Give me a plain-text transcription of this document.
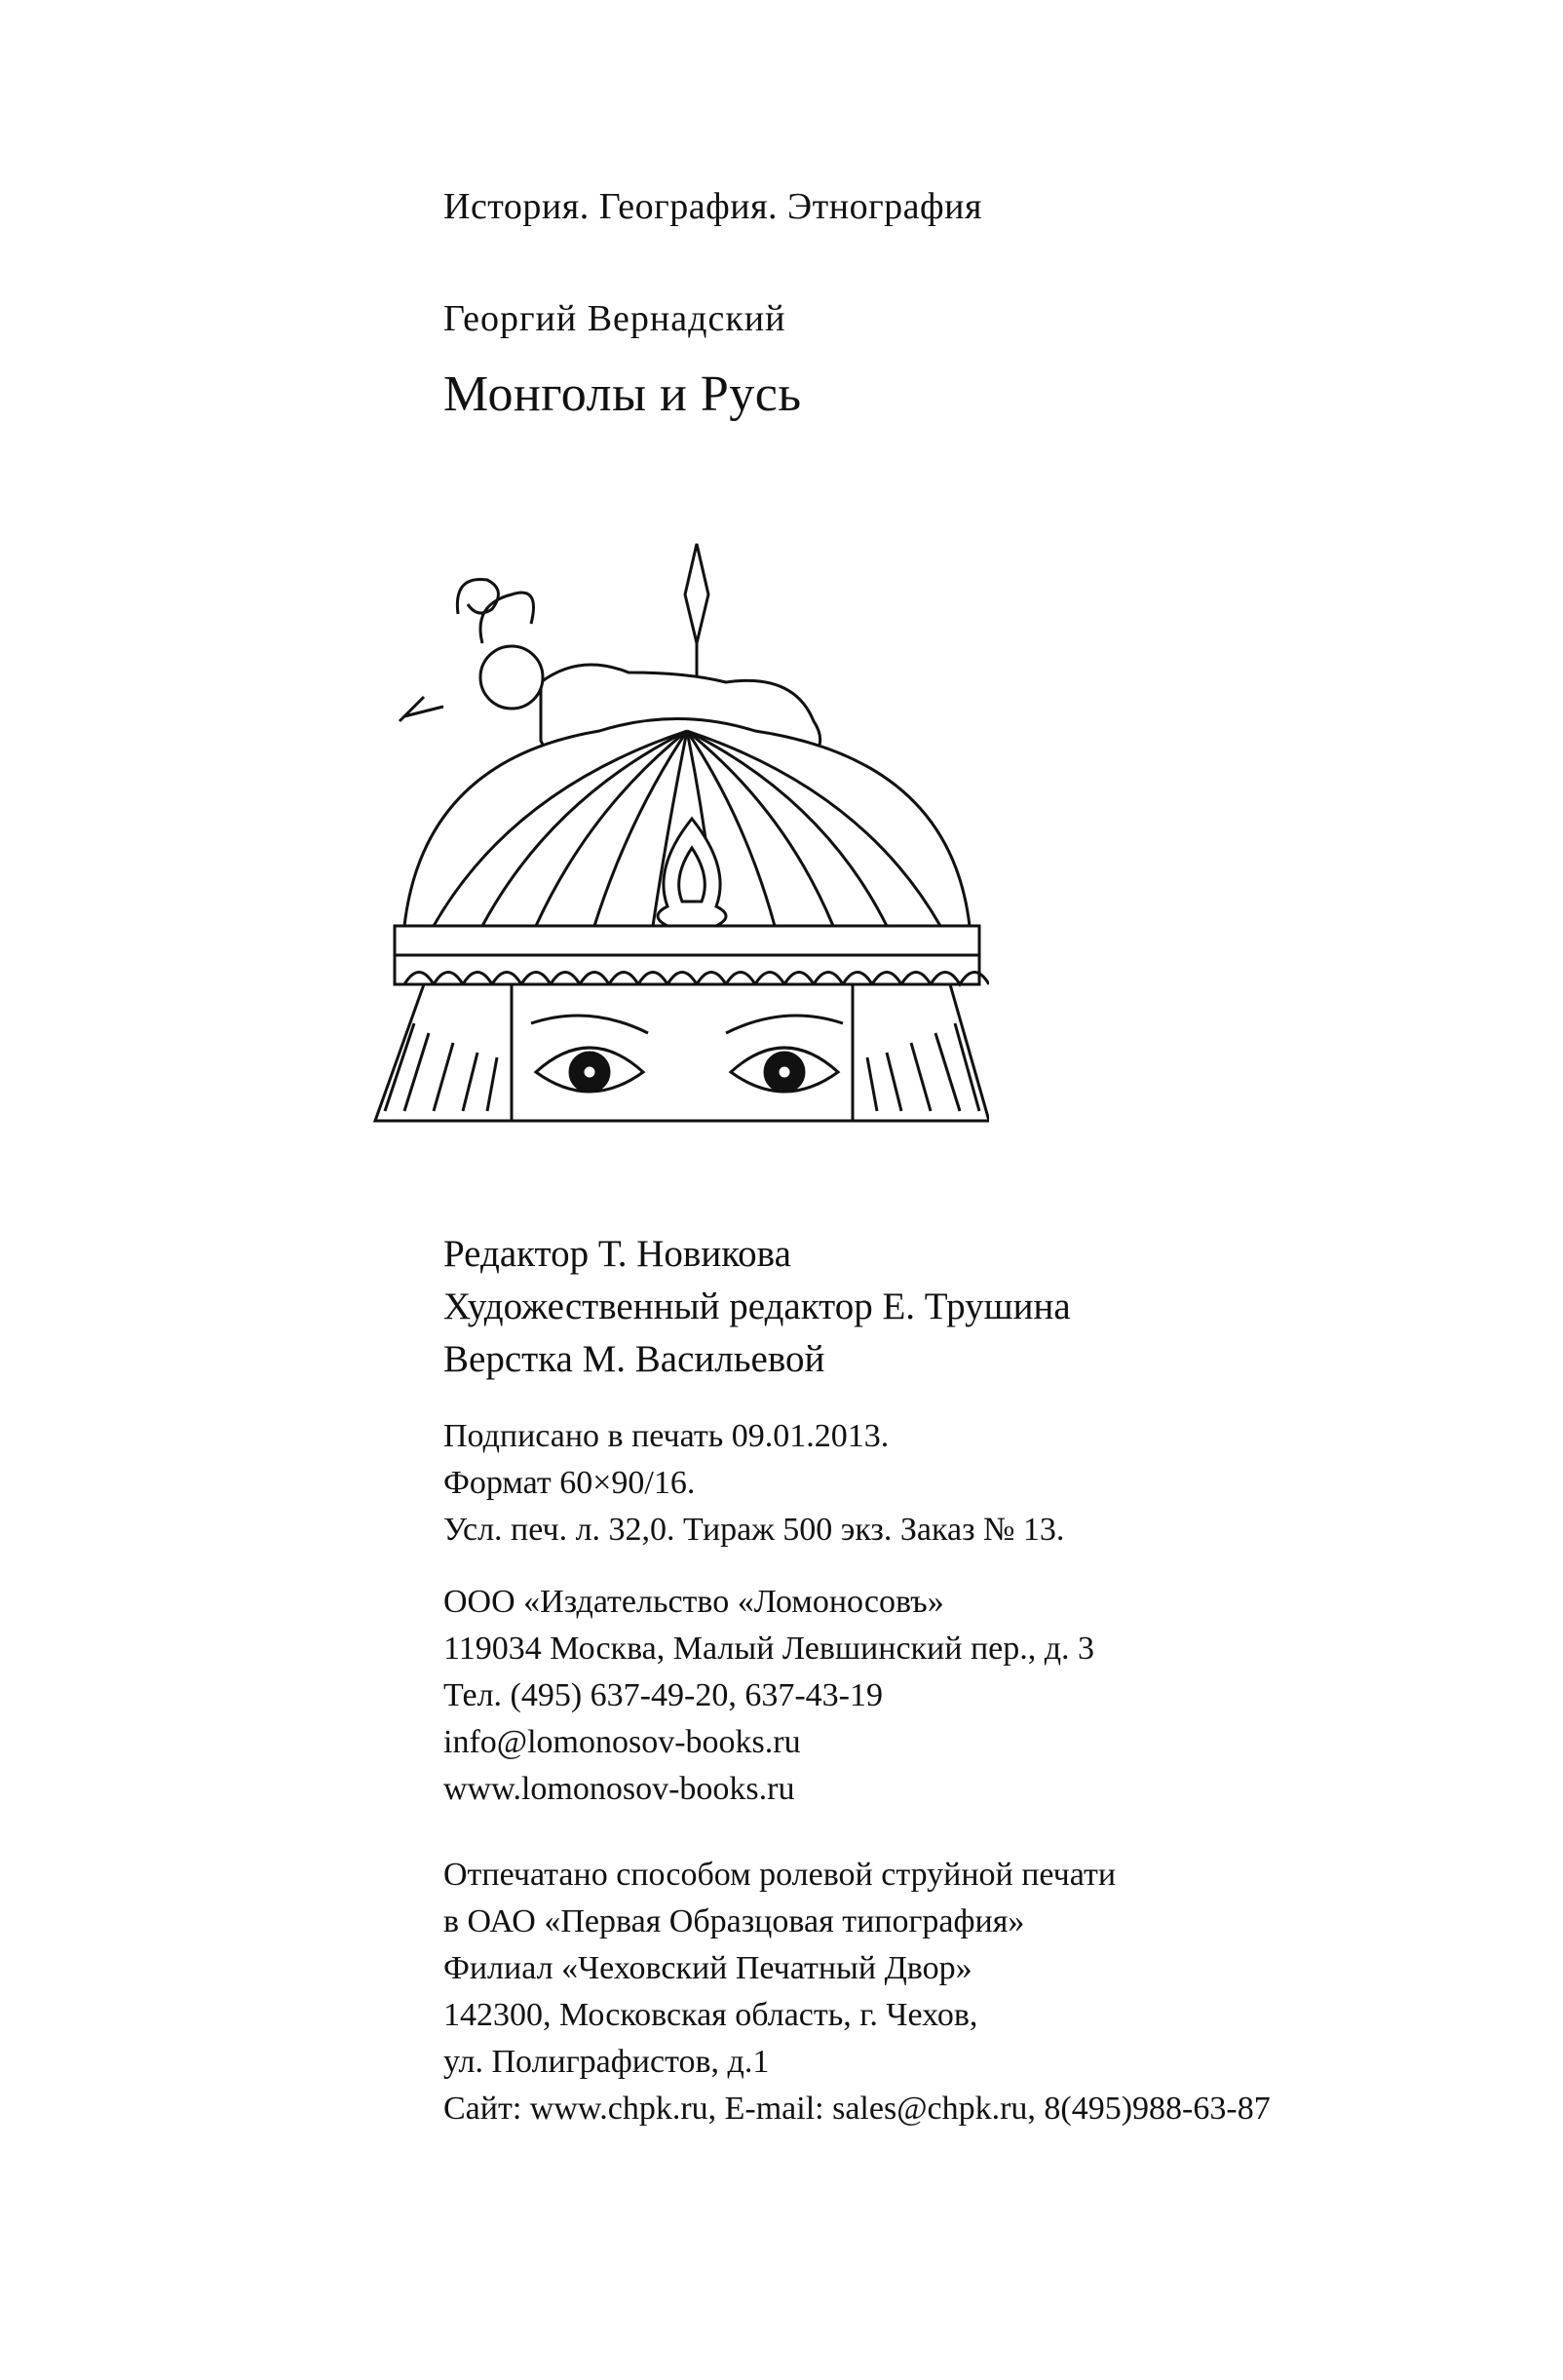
История. География. Этнография
Георгий Вернадский
Монголы и Русь
Редактор Т. Новикова
Художественный редактор Е. Трушина
Верстка М. Васильевой
Подписано в печать 09.01.2013.
Формат 60×90/16.
Усл. печ. л. 32,0. Тираж 500 экз. Заказ № 13.
ООО «Издательство «Ломоносовъ»
119034 Москва, Малый Левшинский пер., д. 3
Тел. (495) 637-49-20, 637-43-19
info@lomonosov-books.ru
www.lomonosov-books.ru
Отпечатано способом ролевой струйной печати
в ОАО «Первая Образцовая типография»
Филиал «Чеховский Печатный Двор»
142300, Московская область, г. Чехов,
ул. Полиграфистов, д.1
Сайт: www.chpk.ru, E-mail: sales@chpk.ru, 8(495)988-63-87
